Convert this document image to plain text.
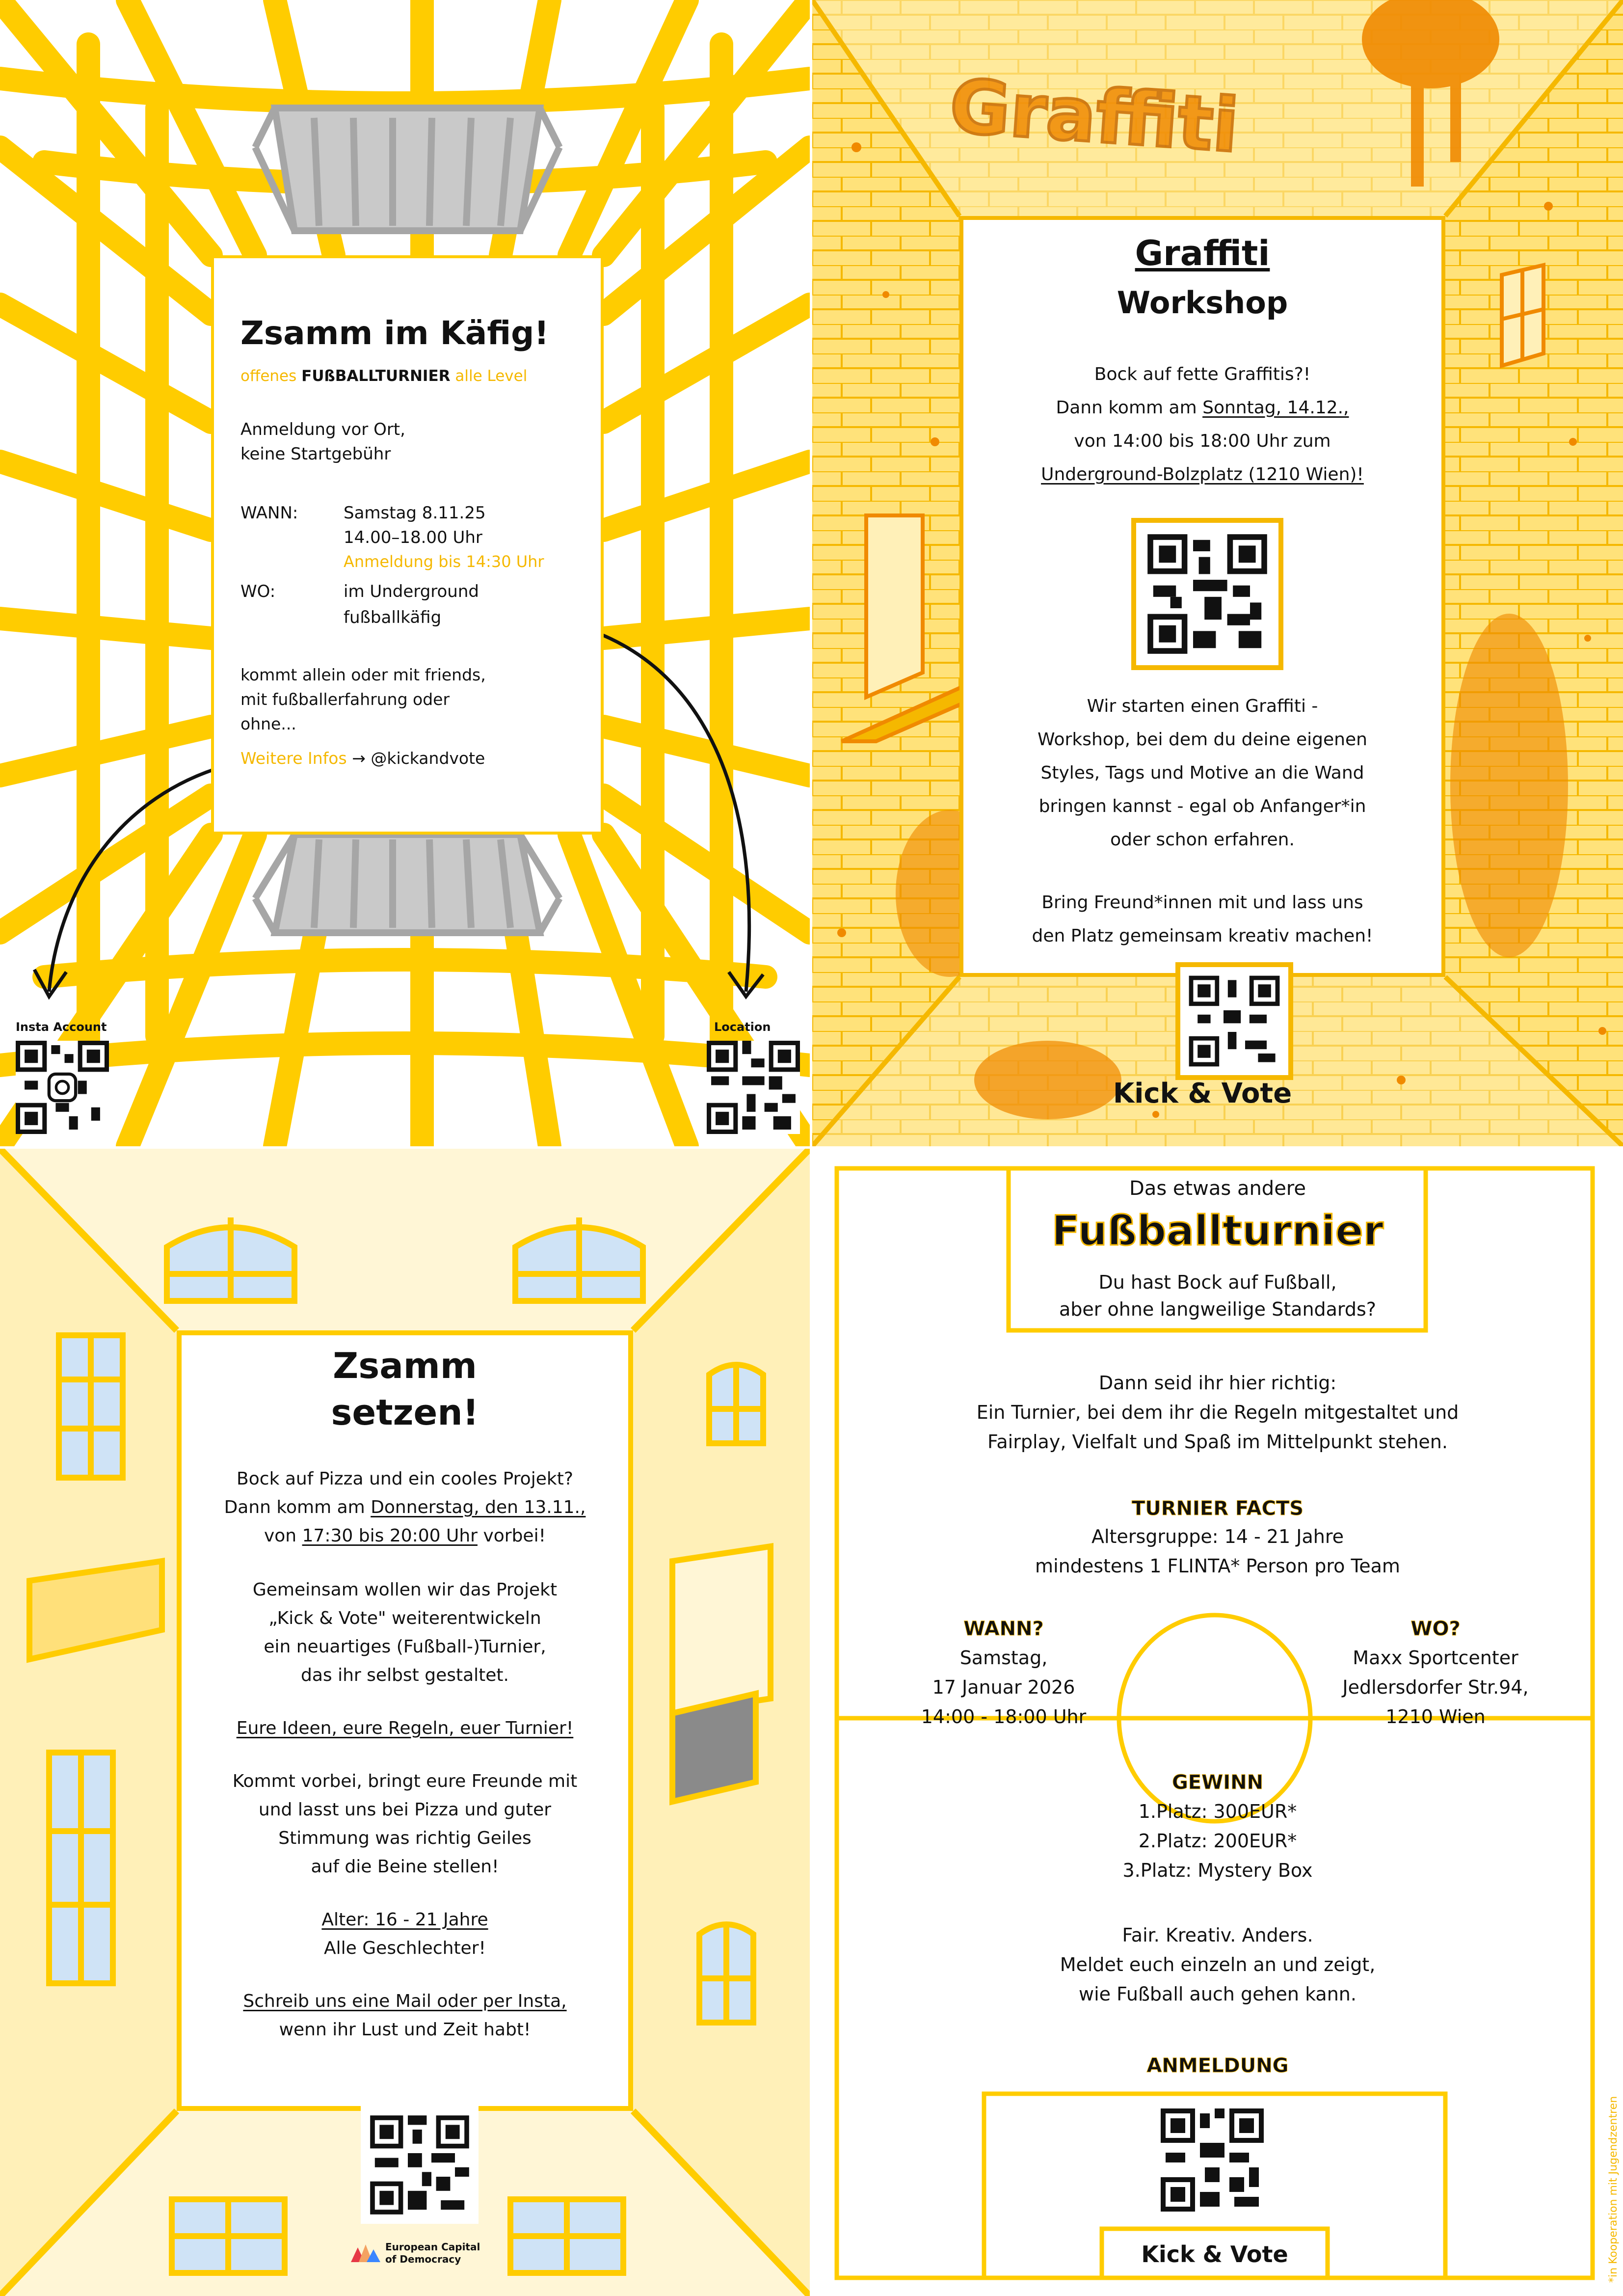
Zsamm im Käfig!
offenes FUßBALLTURNIER alle Level
Anmeldung vor Ort,
keine Startgebühr
WANN:	Samstag 8.11.25
14.00–18.00 Uhr
Anmeldung bis 14:30 Uhr
WO:	im Underground
fußballkäfig
kommt allein oder mit friends,
mit fußballerfahrung oder
ohne...
Weitere Infos → @kickandvote
Insta Account	Location
Graffiti
Graffiti
Workshop
Bock auf fette Graffitis?!
Dann komm am Sonntag, 14.12.,
von 14:00 bis 18:00 Uhr zum
Underground-Bolzplatz (1210 Wien)!
Wir starten einen Graffiti -
Workshop, bei dem du deine eigenen
Styles, Tags und Motive an die Wand
bringen kannst - egal ob Anfanger*in
oder schon erfahren.
Bring Freund*innen mit und lass uns
den Platz gemeinsam kreativ machen!
Kick & Vote
Zsamm
setzen!
Bock auf Pizza und ein cooles Projekt?
Dann komm am Donnerstag, den 13.11.,
von 17:30 bis 20:00 Uhr vorbei!
Gemeinsam wollen wir das Projekt
„Kick & Vote" weiterentwickeln
ein neuartiges (Fußball-)Turnier,
das ihr selbst gestaltet.
Eure Ideen, eure Regeln, euer Turnier!
Kommt vorbei, bringt eure Freunde mit
und lasst uns bei Pizza und guter
Stimmung was richtig Geiles
auf die Beine stellen!
Alter: 16 - 21 Jahre
Alle Geschlechter!
Schreib uns eine Mail oder per Insta,
wenn ihr Lust und Zeit habt!
European Capital
of Democracy
Das etwas andere
Fußballturnier
Du hast Bock auf Fußball,
aber ohne langweilige Standards?
Dann seid ihr hier richtig:
Ein Turnier, bei dem ihr die Regeln mitgestaltet und
Fairplay, Vielfalt und Spaß im Mittelpunkt stehen.
TURNIER FACTS
Altersgruppe: 14 - 21 Jahre
mindestens 1 FLINTA* Person pro Team
WANN?
Samstag,
17 Januar 2026
14:00 - 18:00 Uhr
WO?
Maxx Sportcenter
Jedlersdorfer Str.94,
1210 Wien
GEWINN
1.Platz: 300EUR*
2.Platz: 200EUR*
3.Platz: Mystery Box
Fair. Kreativ. Anders.
Meldet euch einzeln an und zeigt,
wie Fußball auch gehen kann.
ANMELDUNG
Kick & Vote	*in Kooperation mit Jugendzentren
